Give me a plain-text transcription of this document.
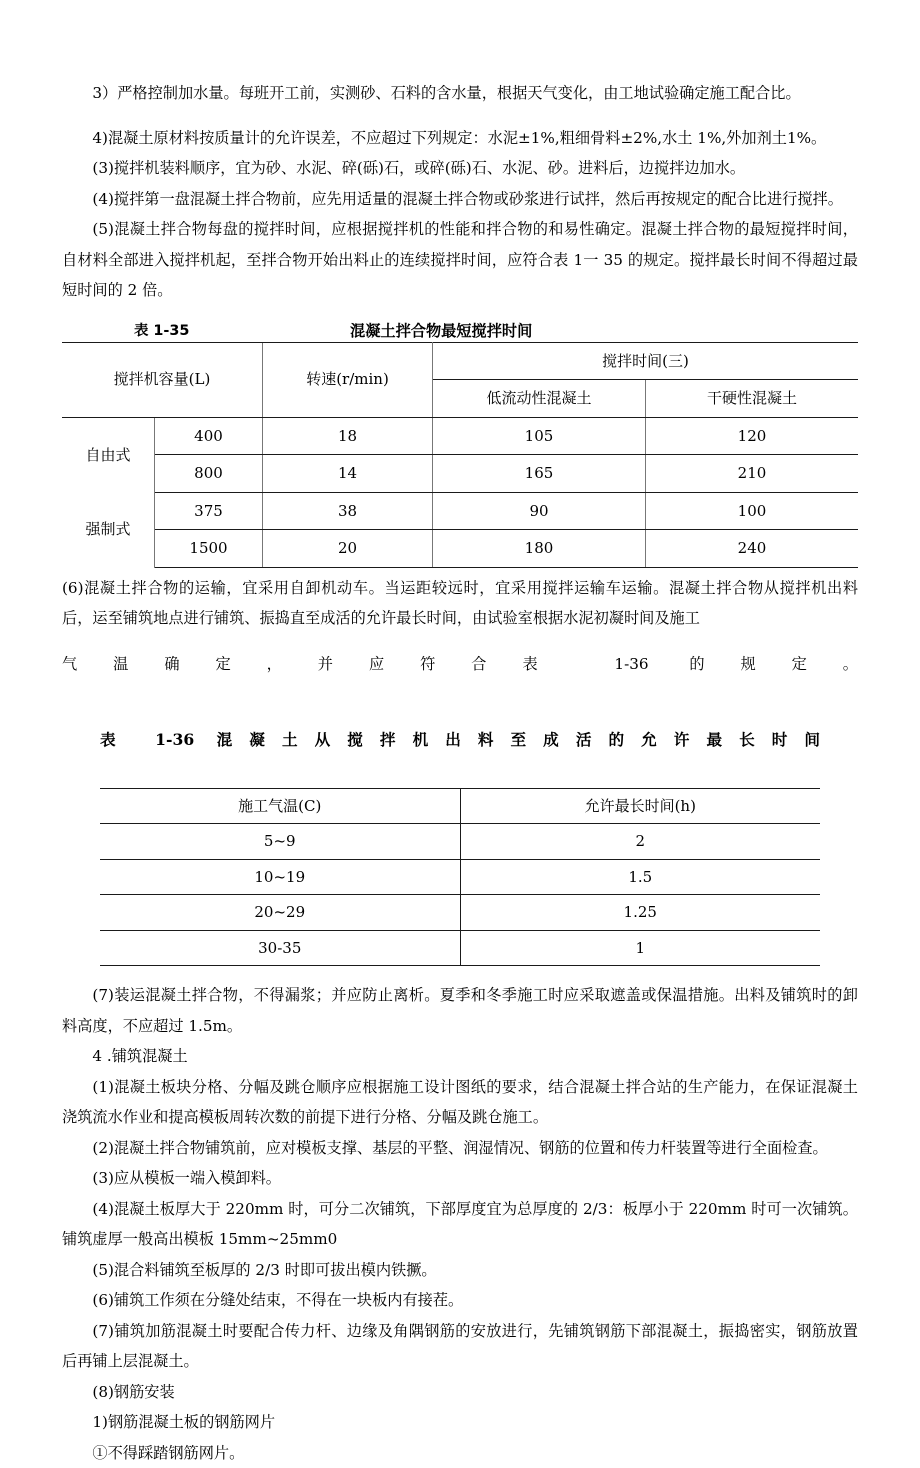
3）严格控制加水量。每班开工前，实测砂、石料的含水量，根据天气变化，由工地试验确定施工配合比。

4)混凝土原材料按质量计的允许误差，不应超过下列规定：水泥±1%,粗细骨料±2%,水土 1%,外加剂土1%。

(3)搅拌机装料顺序，宜为砂、水泥、碎(砾)石，或碎(砾)石、水泥、砂。进料后，边搅拌边加水。

(4)搅拌第一盘混凝土拌合物前，应先用适量的混凝土拌合物或砂浆进行试拌，然后再按规定的配合比进行搅拌。

(5)混凝土拌合物每盘的搅拌时间，应根据搅拌机的性能和拌合物的和易性确定。混凝土拌合物的最短搅拌时间，自材料全部进入搅拌机起，至拌合物开始出料止的连续搅拌时间，应符合表 1一 35 的规定。搅拌最长时间不得超过最短时间的 2 倍。

表 1-35	混凝土拌合物最短搅拌时间
搅拌机容量(L)		转速(r/min)	搅拌时间(三)	
			低流动性混凝土	干硬性混凝土
自由式	400	18	105	120
	800	14	165	210
强制式	375	38	90	100
	1500	20	180	240

(6)混凝土拌合物的运输，宜采用自卸机动车。当运距较远时，宜采用搅拌运输车运输。混凝土拌合物从搅拌机出料后，运至铺筑地点进行铺筑、振捣直至成活的允许最长时间，由试验室根据水泥初凝时间及施工

气温确定，并应符合表 1-36 的规定。

表 1-36 混凝土从搅拌机出料至成活的允许最长时间
施工气温(C)	允许最长时间(h)
5~9	2
10~19	1.5
20~29	1.25
30-35	1

(7)装运混凝土拌合物，不得漏浆；并应防止离析。夏季和冬季施工时应采取遮盖或保温措施。出料及铺筑时的卸料高度，不应超过 1.5m。

4 .铺筑混凝土

(1)混凝土板块分格、分幅及跳仓顺序应根据施工设计图纸的要求，结合混凝土拌合站的生产能力，在保证混凝土浇筑流水作业和提高模板周转次数的前提下进行分格、分幅及跳仓施工。

(2)混凝土拌合物铺筑前，应对模板支撑、基层的平整、润湿情况、钢筋的位置和传力杆装置等进行全面检查。

(3)应从模板一端入模卸料。

(4)混凝土板厚大于 220mm 时，可分二次铺筑，下部厚度宜为总厚度的 2/3：板厚小于 220mm 时可一次铺筑。铺筑虚厚一般高出模板 15mm~25mm0

(5)混合料铺筑至板厚的 2/3 时即可拔出模内铁撅。

(6)铺筑工作须在分缝处结束，不得在一块板内有接茬。

(7)铺筑加筋混凝土时要配合传力杆、边缘及角隅钢筋的安放进行，先铺筑钢筋下部混凝土，振捣密实，钢筋放置后再铺上层混凝土。

(8)钢筋安装

1)钢筋混凝土板的钢筋网片

①不得踩踏钢筋网片。
